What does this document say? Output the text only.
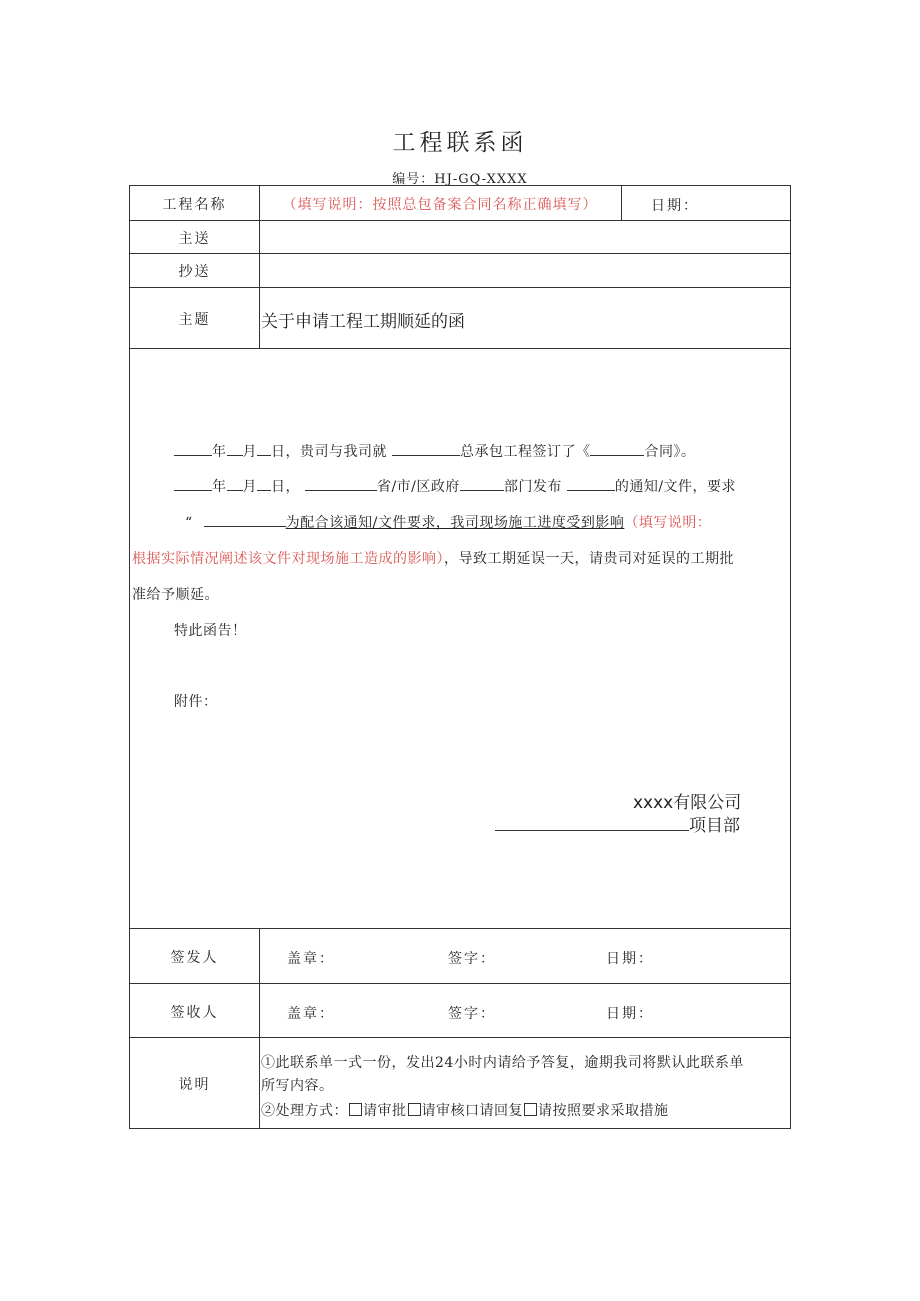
工程联系函
编号：HJ-GQ-XXXX
工程名称	（填写说明：按照总包备案合同名称正确填写）	日期：
主送
抄送
主题	关于申请工程工期顺延的函
年 月 日，贵司与我司就	总承包工程签订了《	合同》。
年 月 日，	省/市/区政府	部门发布	的通知/文件，要求
“	为配合该通知/文件要求，我司现场施工进度受到影响（填写说明：
根据实际情况阐述该文件对现场施工造成的影响），导致工期延误一天，请贵司对延误的工期批
准给予顺延。
特此函告！
附件：
xxxx有限公司
项目部
签发人	盖章：	签字：	日期：
签收人	盖章：	签字：	日期：
说明
①此联系单一式一份，发出24小时内请给予答复，逾期我司将默认此联系单
所写内容。
②处理方式： 请审批 请审核口请回复 请按照要求采取措施
